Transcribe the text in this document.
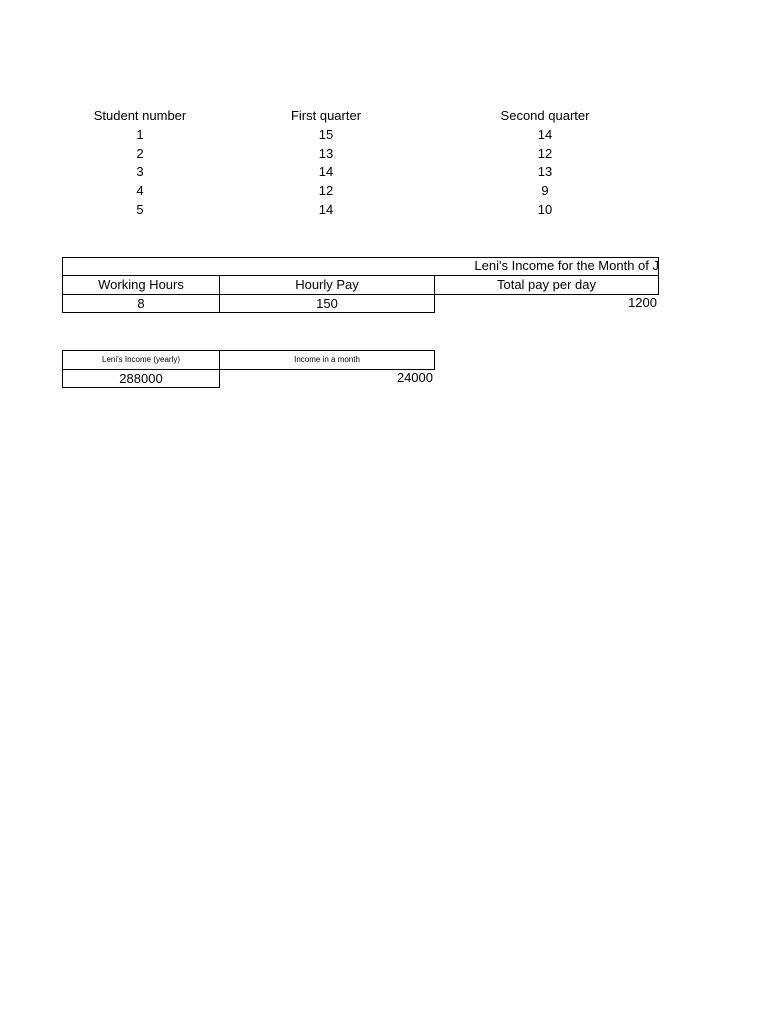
Student number	First quarter	Second quarter
1	15	14
2	13	12
3	14	13
4	12	9
5	14	10
Leni's Income for the Month of J
Working Hours	Hourly Pay	Total pay per day
8	150	1200
Leni's Income (yearly)	Income in a month
288000	24000
